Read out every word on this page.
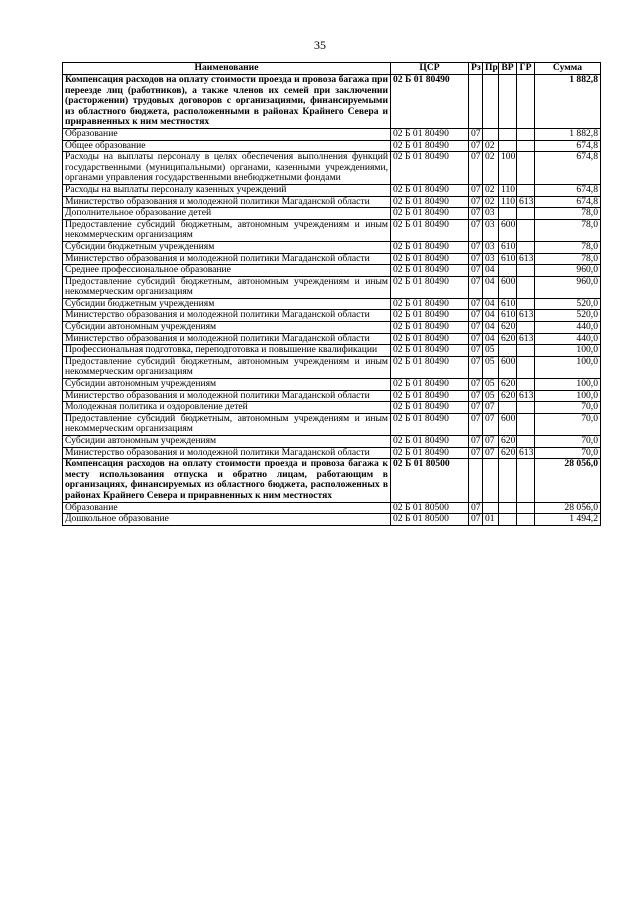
35
Наименование	ЦСР	Рз	Пр	ВР	ГР	Сумма
Компенсация расходов на оплату стоимости проезда и провоза багажа при переезде лиц (работников), а также членов их семей при заключении (расторжении) трудовых договоров с организациями, финансируемыми из областного бюджета, расположенными в районах Крайнего Севера и приравненных к ним местностях	02 Б 01 80490					1 882,8
Образование	02 Б 01 80490	07				1 882,8
Общее образование	02 Б 01 80490	07	02			674,8
Расходы на выплаты персоналу в целях обеспечения выполнения функций государственными (муниципальными) органами, казенными учреждениями, органами управления государственными внебюджетными фондами	02 Б 01 80490	07	02	100		674,8
Расходы на выплаты персоналу казенных учреждений	02 Б 01 80490	07	02	110		674,8
Министерство образования и молодежной политики Магаданской области	02 Б 01 80490	07	02	110	613	674,8
Дополнительное образование детей	02 Б 01 80490	07	03			78,0
Предоставление субсидий бюджетным, автономным учреждениям и иным некоммерческим организациям	02 Б 01 80490	07	03	600		78,0
Субсидии бюджетным учреждениям	02 Б 01 80490	07	03	610		78,0
Министерство образования и молодежной политики Магаданской области	02 Б 01 80490	07	03	610	613	78,0
Среднее профессиональное образование	02 Б 01 80490	07	04			960,0
Предоставление субсидий бюджетным, автономным учреждениям и иным некоммерческим организациям	02 Б 01 80490	07	04	600		960,0
Субсидии бюджетным учреждениям	02 Б 01 80490	07	04	610		520,0
Министерство образования и молодежной политики Магаданской области	02 Б 01 80490	07	04	610	613	520,0
Субсидии автономным учреждениям	02 Б 01 80490	07	04	620		440,0
Министерство образования и молодежной политики Магаданской области	02 Б 01 80490	07	04	620	613	440,0
Профессиональная подготовка, переподготовка и повышение квалификации	02 Б 01 80490	07	05			100,0
Предоставление субсидий бюджетным, автономным учреждениям и иным некоммерческим организациям	02 Б 01 80490	07	05	600		100,0
Субсидии автономным учреждениям	02 Б 01 80490	07	05	620		100,0
Министерство образования и молодежной политики Магаданской области	02 Б 01 80490	07	05	620	613	100,0
Молодежная политика и оздоровление детей	02 Б 01 80490	07	07			70,0
Предоставление субсидий бюджетным, автономным учреждениям и иным некоммерческим организациям	02 Б 01 80490	07	07	600		70,0
Субсидии автономным учреждениям	02 Б 01 80490	07	07	620		70,0
Министерство образования и молодежной политики Магаданской области	02 Б 01 80490	07	07	620	613	70,0
Компенсация расходов на оплату стоимости проезда и провоза багажа к месту использования отпуска и обратно лицам, работающим в организациях, финансируемых из областного бюджета, расположенных в районах Крайнего Севера и приравненных к ним местностях	02 Б 01 80500					28 056,0
Образование	02 Б 01 80500	07				28 056,0
Дошкольное образование	02 Б 01 80500	07	01			1 494,2
